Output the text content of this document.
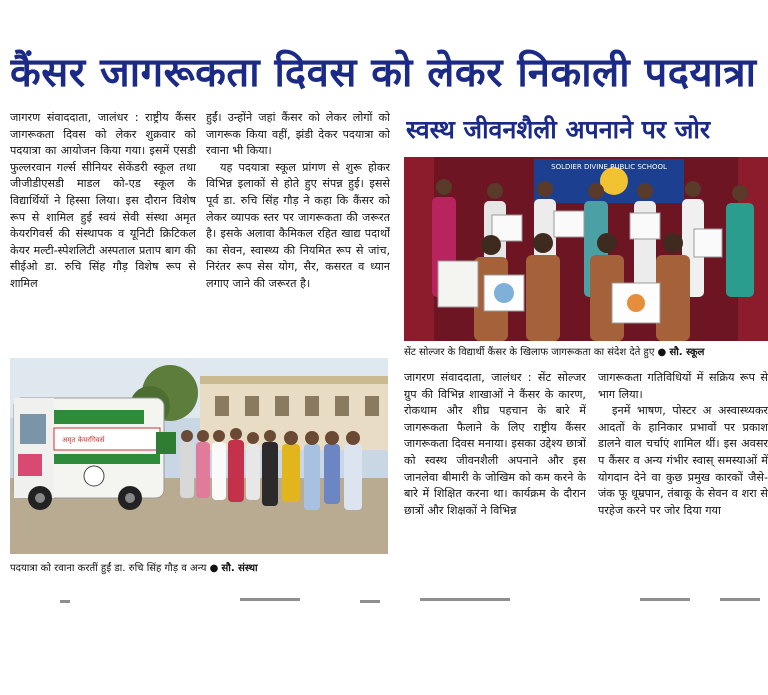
कैंसर जागरूकता दिवस को लेकर निकाली पदयात्रा

जागरण संवाददाता, जालंधर : राष्ट्रीय कैंसर जागरूकता दिवस को लेकर शुक्रवार को पदयात्रा का आयोजन किया गया। इसमें एसडी फुल्लरवान गर्ल्स सीनियर सेकेंडरी स्कूल तथा जीजीडीएसडी माडल को-एड स्कूल के विद्यार्थियों ने हिस्सा लिया। इस दौरान विशेष रूप से शामिल हुई स्वयं सेवी संस्था अमृत केयरगिवर्स की संस्थापक व यूनिटी क्रिटिकल केयर मल्टी-स्पेशलिटी अस्पताल प्रताप बाग की सीईओ डा. रुचि सिंह गौड़ विशेष रूप से शामिल

हुईं। उन्होंने जहां कैंसर को लेकर लोगों को जागरूक किया वहीं, झंडी देकर पदयात्रा को रवाना भी किया।

यह पदयात्रा स्कूल प्रांगण से शुरू होकर विभिन्न इलाकों से होते हुए संपन्न हुई। इससे पूर्व डा. रुचि सिंह गौड़ ने कहा कि कैंसर को लेकर व्यापक स्तर पर जागरूकता की जरूरत है। इसके अलावा कैमिकल रहित खाद्य पदार्थों का सेवन, स्वास्थ्य की नियमित रूप से जांच, निरंतर रूप सेस योग, सैर, कसरत व ध्यान लगाए जाने की जरूरत है।

अमृत केयरगिवर्स
पदयात्रा को रवाना करतीं हुईं डा. रुचि सिंह गौड़ व अन्य ● सौ. संस्था
स्वस्थ जीवनशैली अपनाने पर जोर
SOLDIER DIVINE PUBLIC SCHOOL
सेंट सोल्जर के विद्यार्थी कैंसर के खिलाफ जागरूकता का संदेश देते हुए ● सौ. स्कूल

जागरण संवाददाता, जालंधर : सेंट सोल्जर ग्रुप की विभिन्न शाखाओं ने कैंसर के कारण, रोकथाम और शीघ्र पहचान के बारे में जागरूकता फैलाने के लिए राष्ट्रीय कैंसर जागरूकता दिवस मनाया। इसका उद्देश्य छात्रों को स्वस्थ जीवनशैली अपनाने और इस जानलेवा बीमारी के जोखिम को कम करने के बारे में शिक्षित करना था। कार्यक्रम के दौरान छात्रों और शिक्षकों ने विभिन्न

जागरूकता गतिविधियों में सक्रिय रूप से भाग लिया।

इनमें भाषण, पोस्टर अ अस्वास्थ्यकर आदतों के हानिकार प्रभावों पर प्रकाश डालने वाल चर्चाएं शामिल थीं। इस अवसर प कैंसर व अन्य गंभीर स्वास् समस्याओं में योगदान देने वा कुछ प्रमुख कारकों जैसे- जंक फू धूम्रपान, तंबाकू के सेवन व शरा से परहेज करने पर जोर दिया गया
